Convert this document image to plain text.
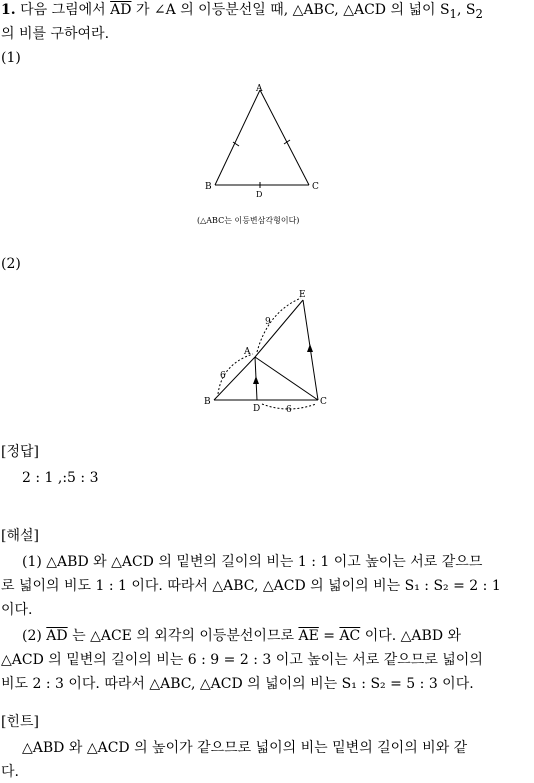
1. 다음 그림에서 $\overline{AD}$ 가 ∠A 의 이등분선일 때, △ABC, △ACD 의 넓이 $S_1$, $S_2$
의 비를 구하여라.
(1)
A
B	C
D
(△ABC는 이등변삼각형이다)
(2)
E
A
B	C
D
6
9
6
[정답]
2 : 1 ,:5 : 3
[해설]
(1) △ABD 와 △ACD 의 밑변의 길이의 비는 1 : 1 이고 높이는 서로 같으므
로 넓이의 비도 1 : 1 이다. 따라서 △ABC, △ACD 의 넓이의 비는 S₁ : S₂ = 2 : 1
이다.
(2) $\overline{AD}$ 는 △ACE 의 외각의 이등분선이므로 $\overline{AE} = \overline{AC}$ 이다. △ABD 와
△ACD 의 밑변의 길이의 비는 6 : 9 = 2 : 3 이고 높이는 서로 같으므로 넓이의
비도 2 : 3 이다. 따라서 △ABC, △ACD 의 넓이의 비는 S₁ : S₂ = 5 : 3 이다.
[힌트]
△ABD 와 △ACD 의 높이가 같으므로 넓이의 비는 밑변의 길이의 비와 같
다.
